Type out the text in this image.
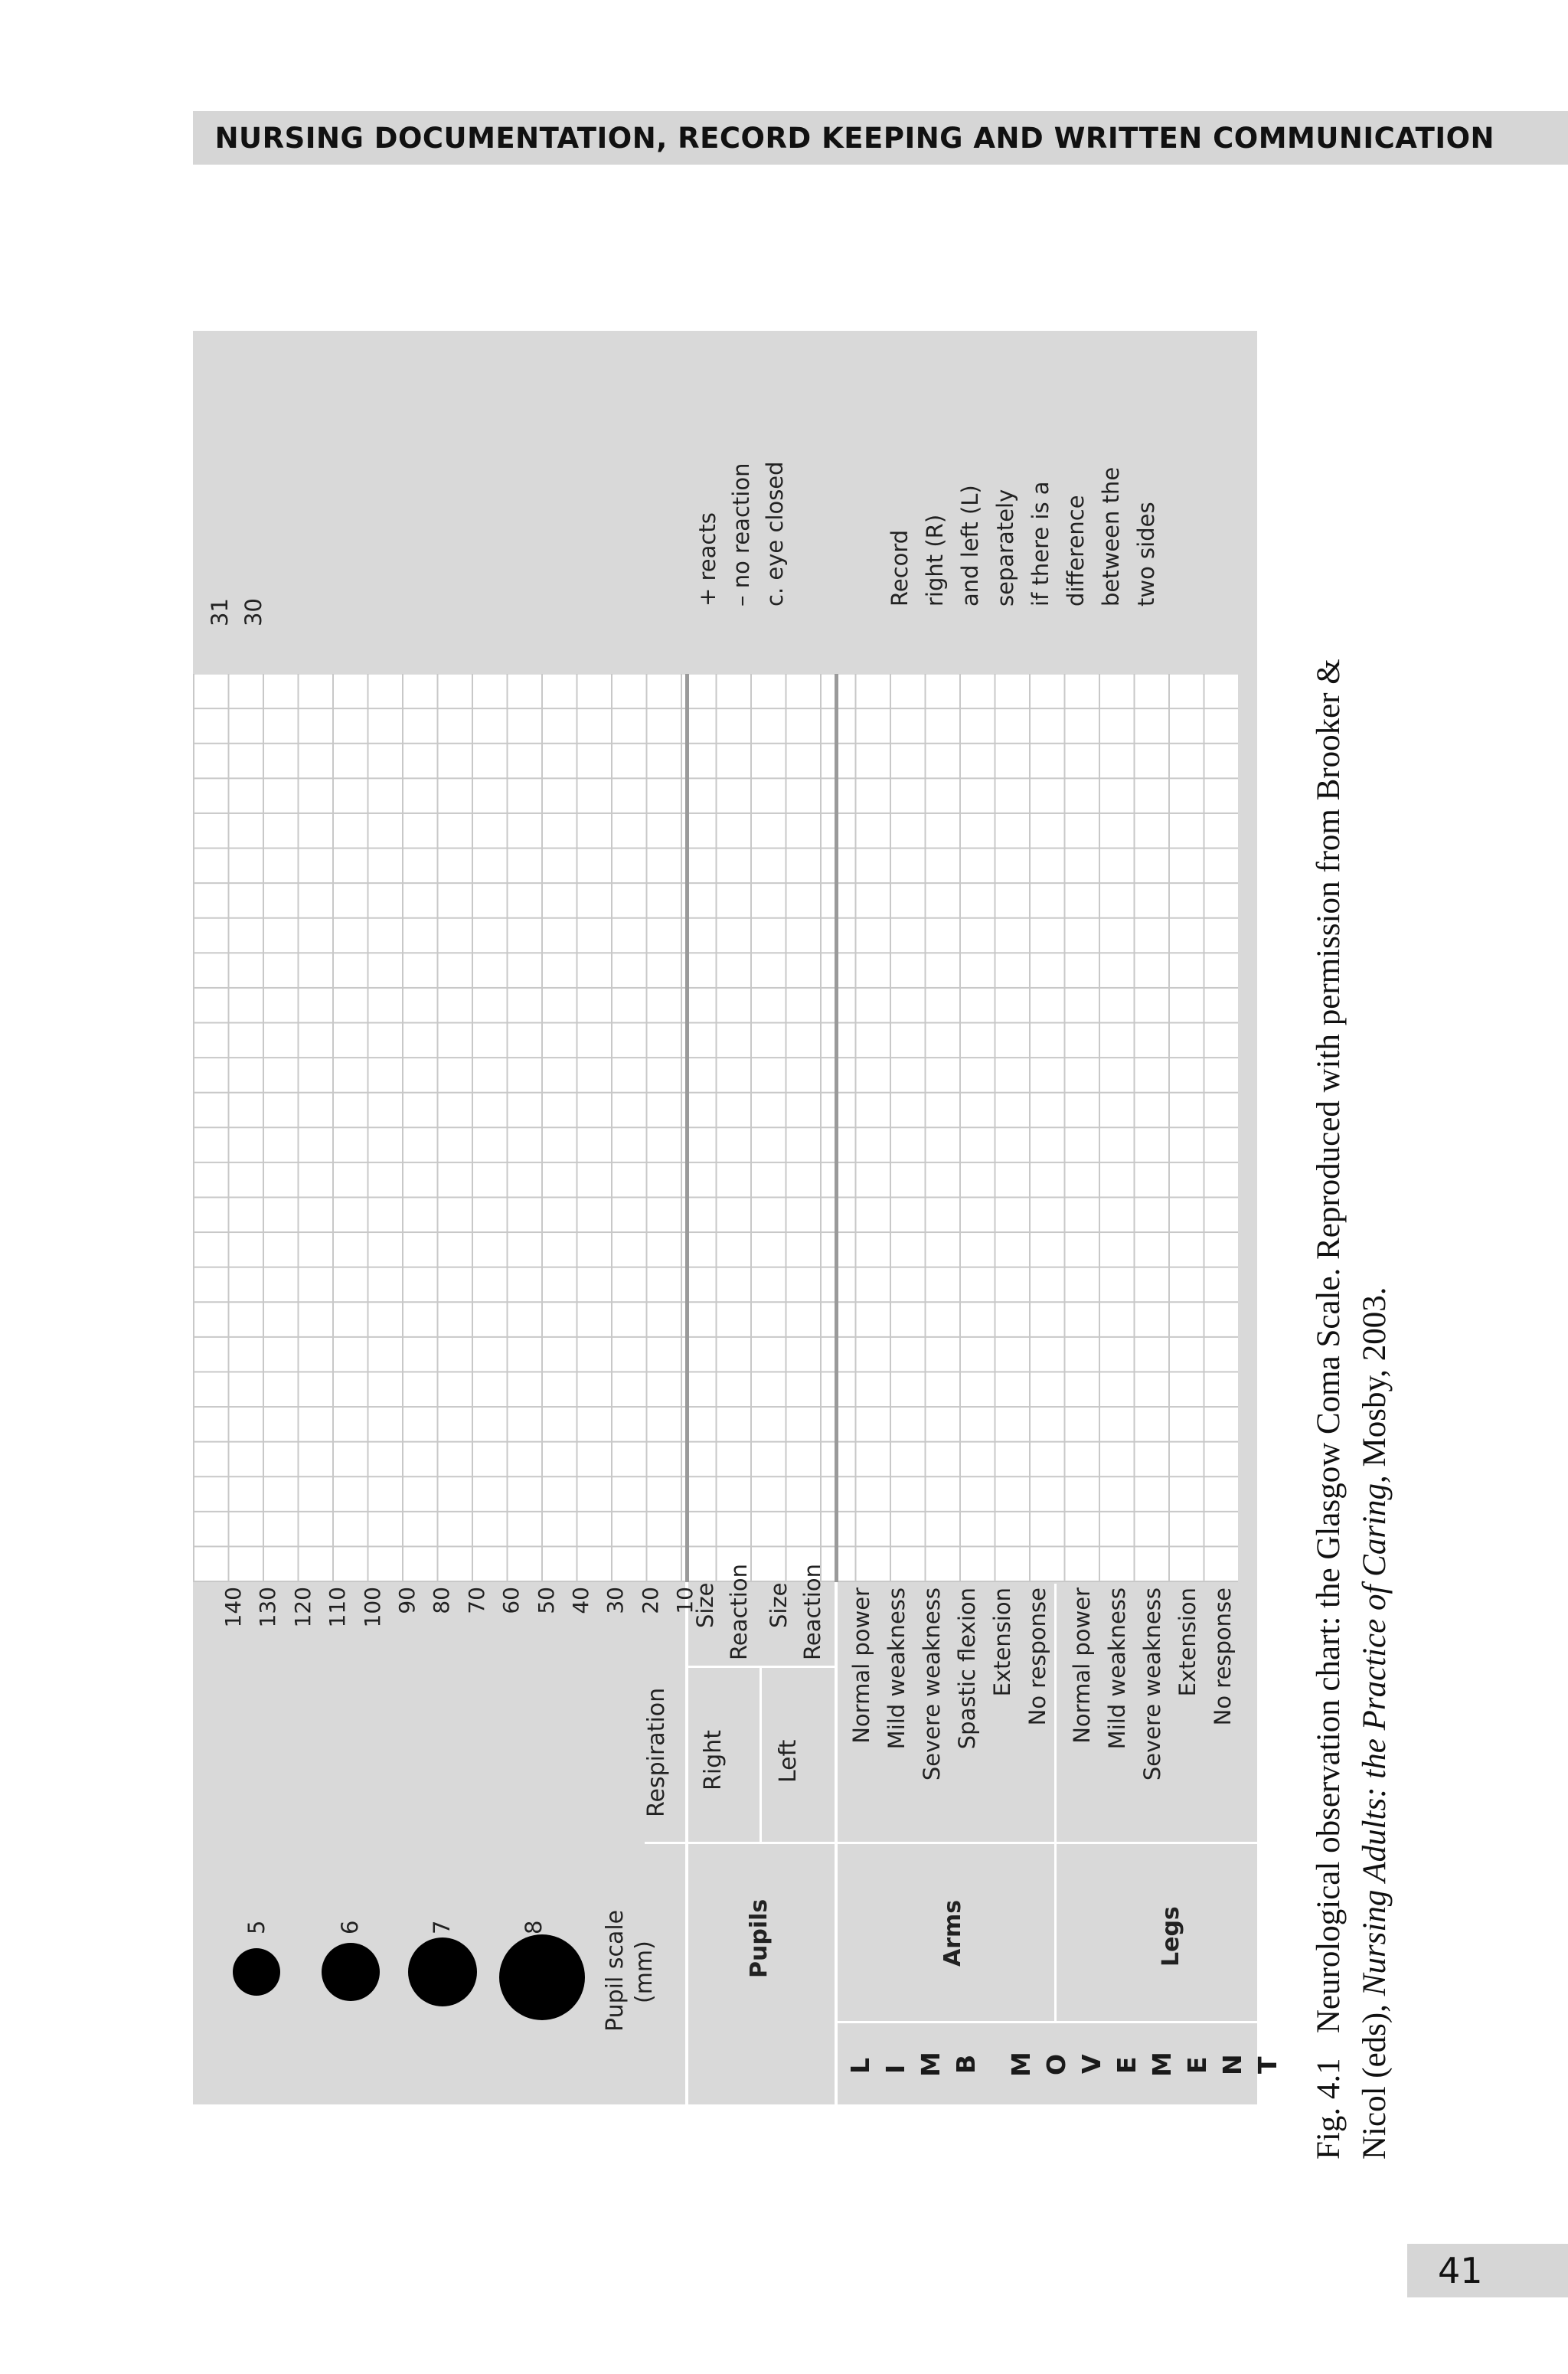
NURSING DOCUMENTATION, RECORD KEEPING AND WRITTEN COMMUNICATION
5	6	7	8 Pupil scale (mm)
140 130 120 110 100 90 80 70 60 50 40 30 20 10
31 30
Respiration
Pupils
Right Left
Size Reaction Size Reaction
+ reacts – no reaction c. eye closed
L I M B M O V E M E N T
Arms	Legs
Normal power Mild weakness Severe weakness Spastic flexion Extension No response Normal power Mild weakness Severe weakness Extension No response
Record right (R) and left (L) separately if there is a difference between the two sides
Fig. 4.1   Neurological observation chart: the Glasgow Coma Scale. Reproduced with permission from Brooker &
Nicol (eds), Nursing Adults: the Practice of Caring, Mosby, 2003.
41
